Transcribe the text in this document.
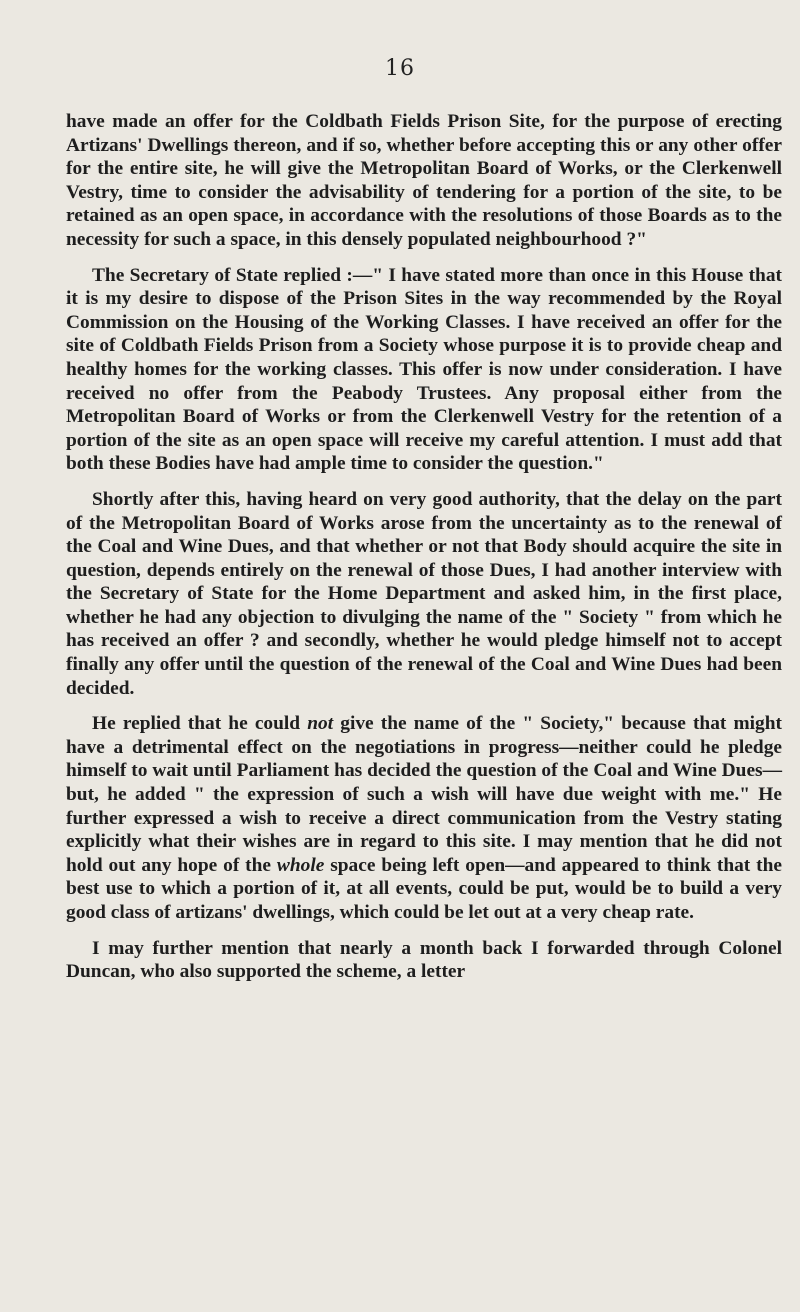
16

have made an offer for the Coldbath Fields Prison Site, for the purpose of erecting Artizans' Dwellings thereon, and if so, whether before accepting this or any other offer for the entire site, he will give the Metropolitan Board of Works, or the Clerkenwell Vestry, time to consider the advisability of tendering for a portion of the site, to be retained as an open space, in accordance with the resolutions of those Boards as to the necessity for such a space, in this densely populated neighbourhood ?"

The Secretary of State replied :—" I have stated more than once in this House that it is my desire to dispose of the Prison Sites in the way recommended by the Royal Commission on the Housing of the Working Classes. I have received an offer for the site of Coldbath Fields Prison from a Society whose purpose it is to provide cheap and healthy homes for the working classes. This offer is now under consideration. I have received no offer from the Peabody Trustees. Any proposal either from the Metropolitan Board of Works or from the Clerkenwell Vestry for the retention of a portion of the site as an open space will receive my careful attention. I must add that both these Bodies have had ample time to consider the question."

Shortly after this, having heard on very good authority, that the delay on the part of the Metropolitan Board of Works arose from the uncertainty as to the renewal of the Coal and Wine Dues, and that whether or not that Body should acquire the site in question, depends entirely on the renewal of those Dues, I had another interview with the Secretary of State for the Home Department and asked him, in the first place, whether he had any objection to divulging the name of the " Society " from which he has received an offer ? and secondly, whether he would pledge himself not to accept finally any offer until the question of the renewal of the Coal and Wine Dues had been decided.

He replied that he could not give the name of the " Society," because that might have a detrimental effect on the negotiations in progress—neither could he pledge himself to wait until Parliament has decided the question of the Coal and Wine Dues—but, he added " the expression of such a wish will have due weight with me." He further expressed a wish to receive a direct communication from the Vestry stating explicitly what their wishes are in regard to this site. I may mention that he did not hold out any hope of the whole space being left open—and appeared to think that the best use to which a portion of it, at all events, could be put, would be to build a very good class of artizans' dwellings, which could be let out at a very cheap rate.

I may further mention that nearly a month back I forwarded through Colonel Duncan, who also supported the scheme, a letter
